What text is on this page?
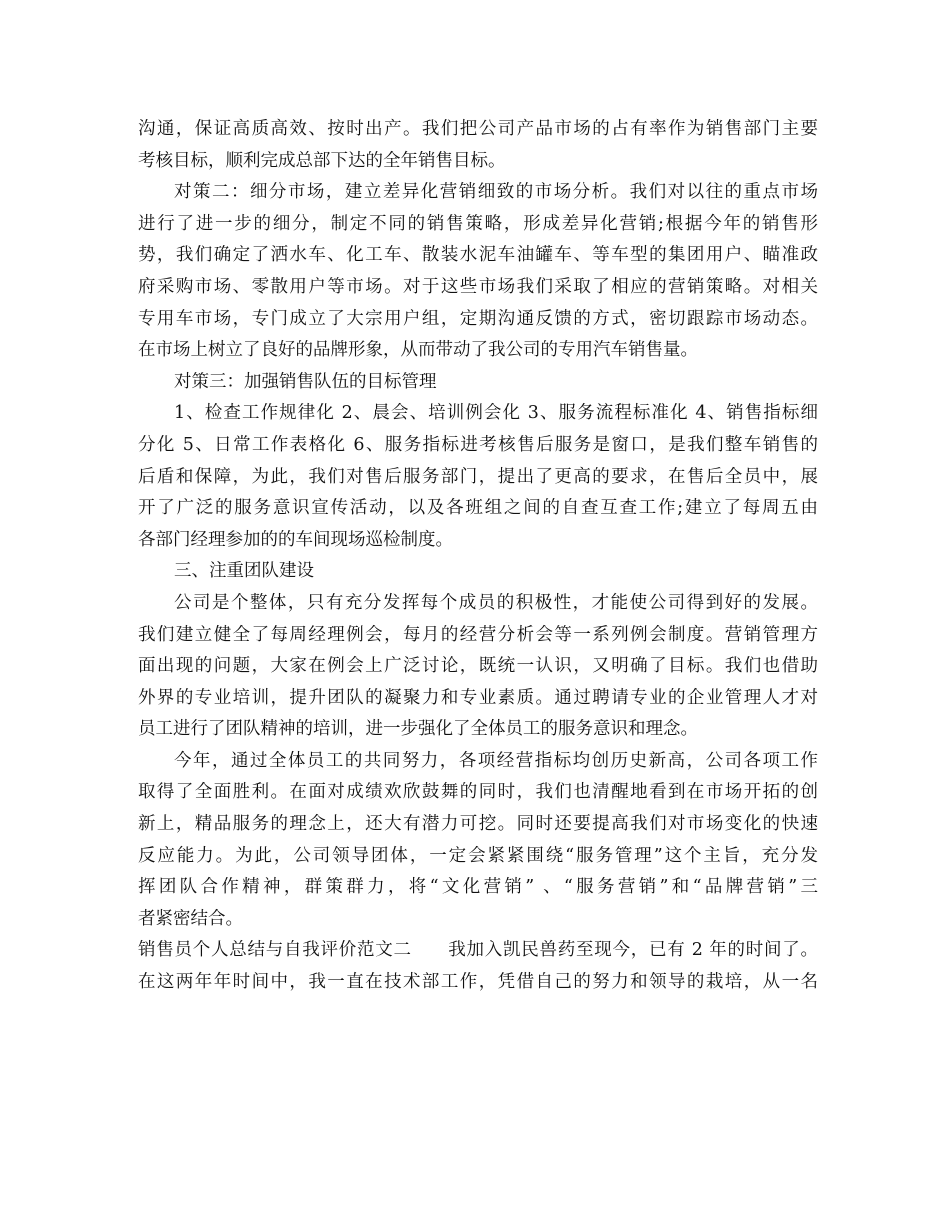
沟通，保证高质高效、按时出产。我们把公司产品市场的占有率作为销售部门主要
考核目标，顺利完成总部下达的全年销售目标。
对策二：细分市场，建立差异化营销细致的市场分析。我们对以往的重点市场
进行了进一步的细分，制定不同的销售策略，形成差异化营销;根据今年的销售形
势，我们确定了洒水车、化工车、散装水泥车油罐车、等车型的集团用户、瞄准政
府采购市场、零散用户等市场。对于这些市场我们采取了相应的营销策略。对相关
专用车市场，专门成立了大宗用户组，定期沟通反馈的方式，密切跟踪市场动态。
在市场上树立了良好的品牌形象，从而带动了我公司的专用汽车销售量。
对策三：加强销售队伍的目标管理
1、检查工作规律化 2、晨会、培训例会化 3、服务流程标准化 4、销售指标细
分化 5、日常工作表格化 6、服务指标进考核售后服务是窗口，是我们整车销售的
后盾和保障，为此，我们对售后服务部门，提出了更高的要求，在售后全员中，展
开了广泛的服务意识宣传活动，以及各班组之间的自查互查工作;建立了每周五由
各部门经理参加的的车间现场巡检制度。
三、注重团队建设
公司是个整体，只有充分发挥每个成员的积极性，才能使公司得到好的发展。
我们建立健全了每周经理例会，每月的经营分析会等一系列例会制度。营销管理方
面出现的问题，大家在例会上广泛讨论，既统一认识，又明确了目标。我们也借助
外界的专业培训，提升团队的凝聚力和专业素质。通过聘请专业的企业管理人才对
员工进行了团队精神的培训，进一步强化了全体员工的服务意识和理念。
今年，通过全体员工的共同努力，各项经营指标均创历史新高，公司各项工作
取得了全面胜利。在面对成绩欢欣鼓舞的同时，我们也清醒地看到在市场开拓的创
新上，精品服务的理念上，还大有潜力可挖。同时还要提高我们对市场变化的快速
反应能力。为此，公司领导团体，一定会紧紧围绕“服务管理”这个主旨，充分发
挥团队合作精神，群策群力，将“文化营销” 、“服务营销”和“品牌营销”三
者紧密结合。
销售员个人总结与自我评价范文二　　我加入凯民兽药至现今，已有 2 年的时间了。
在这两年年时间中，我一直在技术部工作，凭借自己的努力和领导的栽培，从一名
